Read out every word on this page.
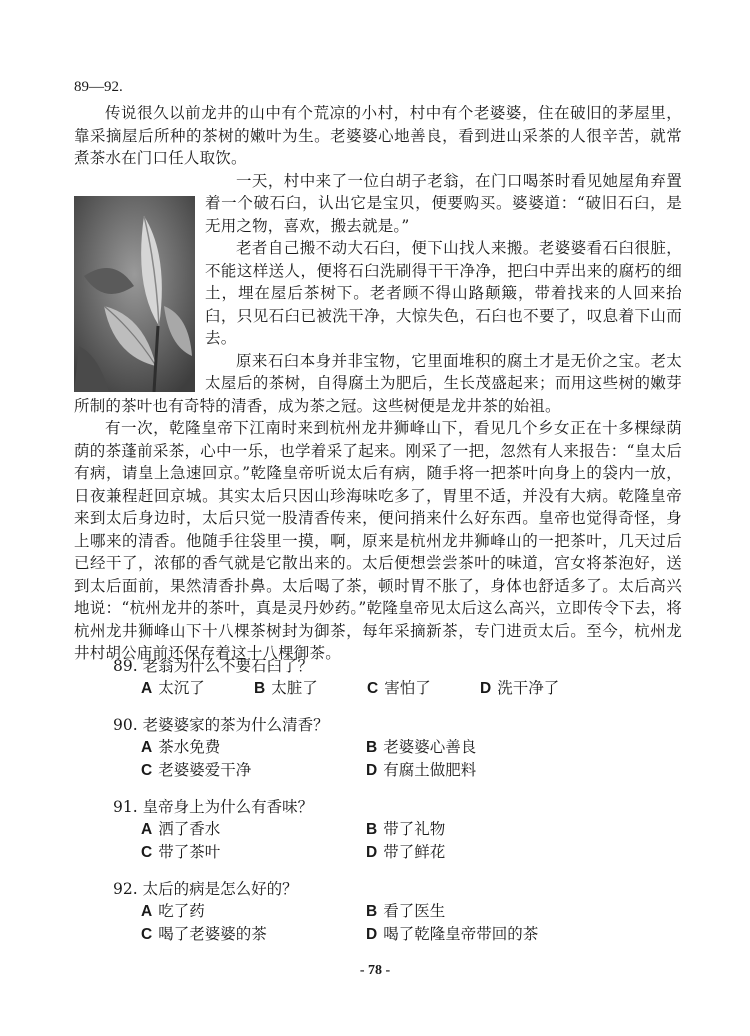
89—92.

传说很久以前龙井的山中有个荒凉的小村，村中有个老婆婆，住在破旧的茅屋里，靠采摘屋后所种的茶树的嫩叶为生。老婆婆心地善良，看到进山采茶的人很辛苦，就常煮茶水在门口任人取饮。

一天，村中来了一位白胡子老翁，在门口喝茶时看见她屋角弃置着一个破石臼，认出它是宝贝，便要购买。婆婆道：“破旧石臼，是无用之物，喜欢，搬去就是。”

老者自己搬不动大石臼，便下山找人来搬。老婆婆看石臼很脏，不能这样送人，便将石臼洗刷得干干净净，把臼中弄出来的腐朽的细土，埋在屋后茶树下。老者顾不得山路颠簸，带着找来的人回来抬臼，只见石臼已被洗干净，大惊失色，石臼也不要了，叹息着下山而去。

原来石臼本身并非宝物，它里面堆积的腐土才是无价之宝。老太太屋后的茶树，自得腐土为肥后，生长茂盛起来；而用这些树的嫩芽所制的茶叶也有奇特的清香，成为茶之冠。这些树便是龙井茶的始祖。

有一次，乾隆皇帝下江南时来到杭州龙井狮峰山下，看见几个乡女正在十多棵绿荫荫的茶蓬前采茶，心中一乐，也学着采了起来。刚采了一把，忽然有人来报告：“皇太后有病，请皇上急速回京。”乾隆皇帝听说太后有病，随手将一把茶叶向身上的袋内一放，日夜兼程赶回京城。其实太后只因山珍海味吃多了，胃里不适，并没有大病。乾隆皇帝来到太后身边时，太后只觉一股清香传来，便问捎来什么好东西。皇帝也觉得奇怪，身上哪来的清香。他随手往袋里一摸，啊，原来是杭州龙井狮峰山的一把茶叶，几天过后已经干了，浓郁的香气就是它散出来的。太后便想尝尝茶叶的味道，宫女将茶泡好，送到太后面前，果然清香扑鼻。太后喝了茶，顿时胃不胀了，身体也舒适多了。太后高兴地说：“杭州龙井的茶叶，真是灵丹妙药。”乾隆皇帝见太后这么高兴，立即传令下去，将杭州龙井狮峰山下十八棵茶树封为御茶，每年采摘新茶，专门进贡太后。至今，杭州龙井村胡公庙前还保存着这十八棵御茶。

89. 老翁为什么不要石臼了？
A 太沉了	B 太脏了	C 害怕了	D 洗干净了
90. 老婆婆家的茶为什么清香？
A 茶水免费	B 老婆婆心善良
C 老婆婆爱干净	D 有腐土做肥料
91. 皇帝身上为什么有香味？
A 洒了香水	B 带了礼物
C 带了茶叶	D 带了鲜花
92. 太后的病是怎么好的？
A 吃了药	B 看了医生
C 喝了老婆婆的茶	D 喝了乾隆皇帝带回的茶
- 78 -
